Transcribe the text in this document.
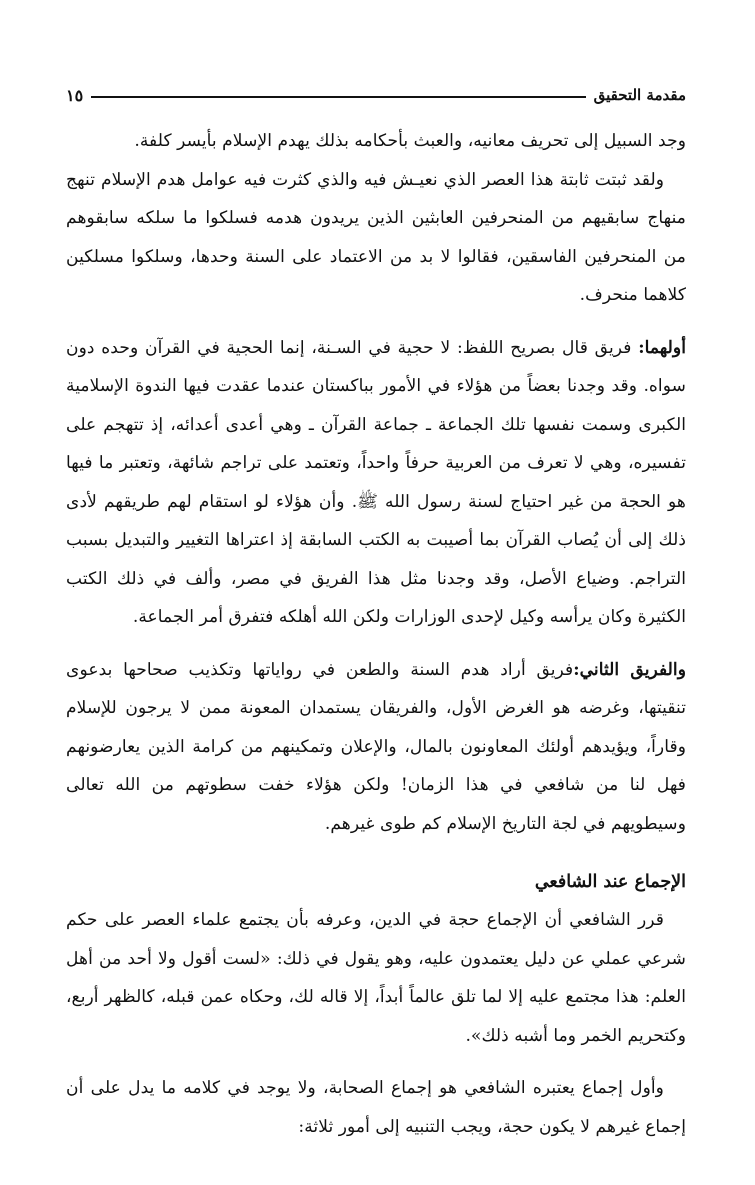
مقدمة التحقيق
١٥

وجد السبيل إلى تحريف معانيه، والعبث بأحكامه بذلك يهدم الإسلام بأيسر كلفة.

ولقد ثبتت ثابتة هذا العصر الذي نعيـش فيه والذي كثرت فيه عوامل هدم الإسلام تنهج منهاج سابقيهم من المنحرفين العابثين الذين يريدون هدمه فسلكوا ما سلكه سابقوهم من المنحرفين الفاسقين، فقالوا لا بد من الاعتماد على السنة وحدها، وسلكوا مسلكين كلاهما منحرف.

أولهما: فريق قال بصريح اللفظ: لا حجية في السـنة، إنما الحجية في القرآن وحده دون سواه. وقد وجدنا بعضاً من هؤلاء في الأمور بباكستان عندما عقدت فيها الندوة الإسلامية الكبرى وسمت نفسها تلك الجماعة ـ جماعة القرآن ـ وهي أعدى أعدائه، إذ تتهجم على تفسيره، وهي لا تعرف من العربية حرفاً واحداً، وتعتمد على تراجم شائهة، وتعتبر ما فيها هو الحجة من غير احتياج لسنة رسول الله ﷺ. وأن هؤلاء لو استقام لهم طريقهم لأدى ذلك إلى أن يُصاب القرآن بما أصيبت به الكتب السابقة إذ اعتراها التغيير والتبديل بسبب التراجم. وضياع الأصل، وقد وجدنا مثل هذا الفريق في مصر، وألف في ذلك الكتب الكثيرة وكان يرأسه وكيل لإحدى الوزارات ولكن الله أهلكه فتفرق أمر الجماعة.

والفريق الثاني:فريق أراد هدم السنة والطعن في رواياتها وتكذيب صحاحها بدعوى تنقيتها، وغرضه هو الغرض الأول، والفريقان يستمدان المعونة ممن لا يرجون للإسلام وقاراً، ويؤيدهم أولئك المعاونون بالمال، والإعلان وتمكينهم من كرامة الذين يعارضونهم فهل لنا من شافعي في هذا الزمان! ولكن هؤلاء خفت سطوتهم من الله تعالى وسيطويهم في لجة التاريخ الإسلام كم طوى غيرهم.

الإجماع عند الشافعي

قرر الشافعي أن الإجماع حجة في الدين، وعرفه بأن يجتمع علماء العصر على حكم شرعي عملي عن دليل يعتمدون عليه، وهو يقول في ذلك: «لست أقول ولا أحد من أهل العلم: هذا مجتمع عليه إلا لما تلق عالماً أبداً، إلا قاله لك، وحكاه عمن قبله، كالظهر أربع، وكتحريم الخمر وما أشبه ذلك».

وأول إجماع يعتبره الشافعي هو إجماع الصحابة، ولا يوجد في كلامه ما يدل على أن إجماع غيرهم لا يكون حجة، ويجب التنبيه إلى أمور ثلاثة:
